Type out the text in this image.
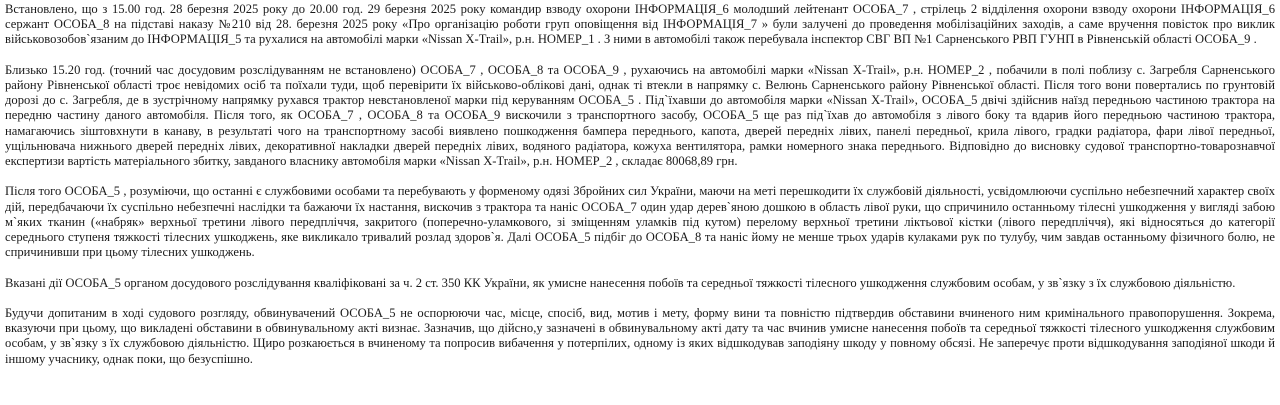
Встановлено, що з 15.00 год. 28 березня 2025 року до 20.00 год. 29 березня 2025 року командир взводу охорони ІНФОРМАЦІЯ_6 молодший лейтенант ОСОБА_7 , стрілець 2 відділення охорони взводу охорони ІНФОРМАЦІЯ_6 сержант ОСОБА_8 на підставі наказу №210 від 28. березня 2025 року «Про організацію роботи груп оповіщення від ІНФОРМАЦІЯ_7 » були залучені до проведення мобілізаційних заходів, а саме вручення повісток про виклик військовозобов`язаним до ІНФОРМАЦІЯ_5 та рухалися на автомобілі марки «Nissan X-Trail», р.н. НОМЕР_1 . З ними в автомобілі також перебувала інспектор СВГ ВП №1 Сарненського РВП ГУНП в Рівненській області ОСОБА_9 .

Близько 15.20 год. (точний час досудовим розслідуванням не встановлено) ОСОБА_7 , ОСОБА_8 та ОСОБА_9 , рухаючись на автомобілі марки «Nissan X-Trail», р.н. НОМЕР_2 , побачили в полі поблизу с. Загребля Сарненського району Рівненської області троє невідомих осіб та поїхали туди, щоб перевірити їх військово-облікові дані, однак ті втекли в напрямку с. Велюнь Сарненського району Рівненської області. Після того вони повертались по грунтовій дорозі до с. Загребля, де в зустрічному напрямку рухався трактор невстановленої марки під керуванням ОСОБА_5 . Під`їхавши до автомобіля марки «Nissan X-Trail», ОСОБА_5 двічі здійснив наїзд передньою частиною трактора на передню частину даного автомобіля. Після того, як ОСОБА_7 , ОСОБА_8 та ОСОБА_9 вискочили з транспортного засобу, ОСОБА_5 ще раз під`їхав до автомобіля з лівого боку та вдарив його передньою частиною трактора, намагаючись зіштовхнути в канаву, в результаті чого на транспортному засобі виявлено пошкодження бампера переднього, капота, дверей передніх лівих, панелі передньої, крила лівого, градки радіатора, фари лівої передньої, ущільнювача нижнього дверей передніх лівих, декоративної накладки дверей передніх лівих, водяного радіатора, кожуха вентилятора, рамки номерного знака переднього. Відповідно до висновку судової транспортно-товарознавчої експертизи вартість матеріального збитку, завданого власнику автомобіля марки «Nissan X-Trail», р.н. НОМЕР_2 , складає 80068,89 грн.

Після того ОСОБА_5 , розуміючи, що останні є службовими особами та перебувають у форменому одязі Збройних сил України, маючи на меті перешкодити їх службовій діяльності, усвідомлюючи суспільно небезпечний характер своїх дій, передбачаючи їх суспільно небезпечні наслідки та бажаючи їх настання, вискочив з трактора та наніс ОСОБА_7 один удар дерев`яною дошкою в область лівої руки, що спричинило останньому тілесні ушкодження у вигляді забою м`яких тканин («набряк» верхньої третини лівого передпліччя, закритого (поперечно-уламкового, зі зміщенням уламків під кутом) перелому верхньої третини ліктьової кістки (лівого передпліччя), які відносяться до категорії середнього ступеня тяжкості тілесних ушкоджень, яке викликало тривалий розлад здоров`я. Далі ОСОБА_5 підбіг до ОСОБА_8 та наніс йому не менше трьох ударів кулаками рук по тулубу, чим завдав останньому фізичного болю, не спричинивши при цьому тілесних ушкоджень.

Вказані дії ОСОБА_5 органом досудового розслідування кваліфіковані за ч. 2 ст. 350 КК України, як умисне нанесення побоїв та середньої тяжкості тілесного ушкодження службовим особам, у зв`язку з їх службовою діяльністю.

Будучи допитаним в ході судового розгляду, обвинувачений ОСОБА_5 не оспорюючи час, місце, спосіб, вид, мотив і мету, форму вини та повністю підтвердив обставини вчиненого ним кримінального правопорушення. Зокрема, вказуючи при цьому, що викладені обставини в обвинувальному акті визнає. Зазначив, що дійсно,у зазначені в обвинувальному акті дату та час вчинив умисне нанесення побоїв та середньої тяжкості тілесного ушкодження службовим особам, у зв`язку з їх службовою діяльністю. Щиро розкаюється в вчиненому та попросив вибачення у потерпілих, одному із яких відшкодував заподіяну шкоду у повному обсязі. Не заперечує проти відшкодування заподіяної шкоди й іншому учаснику, однак поки, що безуспішно.
